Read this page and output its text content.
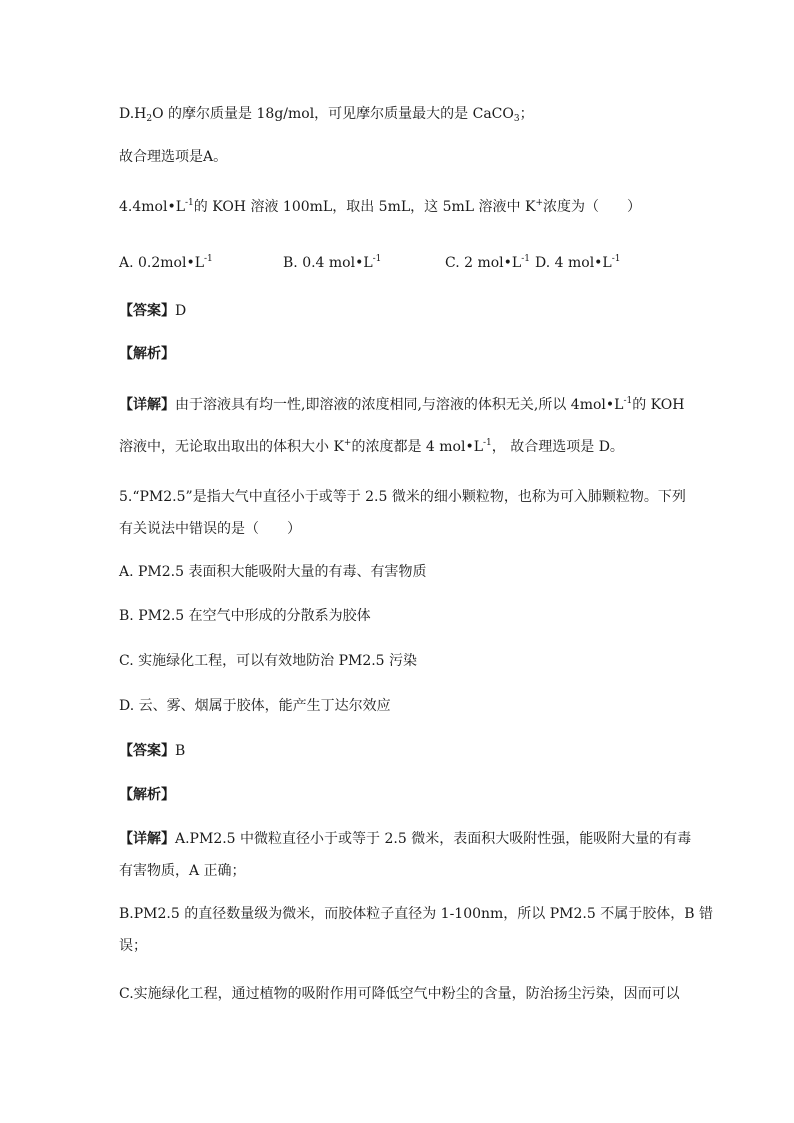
$D.H_2O$ 的摩尔质量是 18g/mol，可见摩尔质量最大的是 CaCO$_3$；
故合理选项是A。
$4.4mol•L^{-1}$的 KOH 溶液 100mL，取出 5mL，这 5mL 溶液中 K+浓度为（　　）
A. $0.2mol•L^{-1}$	B. 0.4 $mol•L^{-1}$	C. 2 $mol•L^{-1}$ D. 4 $mol•L^{-1}$
【答案】D
【解析】
【详解】由于溶液具有均一性,即溶液的浓度相同,与溶液的体积无关,所以 $4mol•L^{-1}$的 KOH
溶液中，无论取出取出的体积大小 K+的浓度都是 4 $mol•L^{-1}$， 故合理选项是 D。
5.“PM2.5”是指大气中直径小于或等于 2.5 微米的细小颗粒物，也称为可入肺颗粒物。下列
有关说法中错误的是（　　）
A. PM2.5 表面积大能吸附大量的有毒、有害物质
B. PM2.5 在空气中形成的分散系为胶体
C. 实施绿化工程，可以有效地防治 PM2.5 污染
D. 云、雾、烟属于胶体，能产生丁达尔效应
【答案】B
【解析】
【详解】A.PM2.5 中微粒直径小于或等于 2.5 微米，表面积大吸附性强，能吸附大量的有毒
有害物质，A 正确；
B.PM2.5 的直径数量级为微米，而胶体粒子直径为 1-100nm，所以 PM2.5 不属于胶体，B 错
误；
C.实施绿化工程，通过植物的吸附作用可降低空气中粉尘的含量，防治扬尘污染，因而可以
